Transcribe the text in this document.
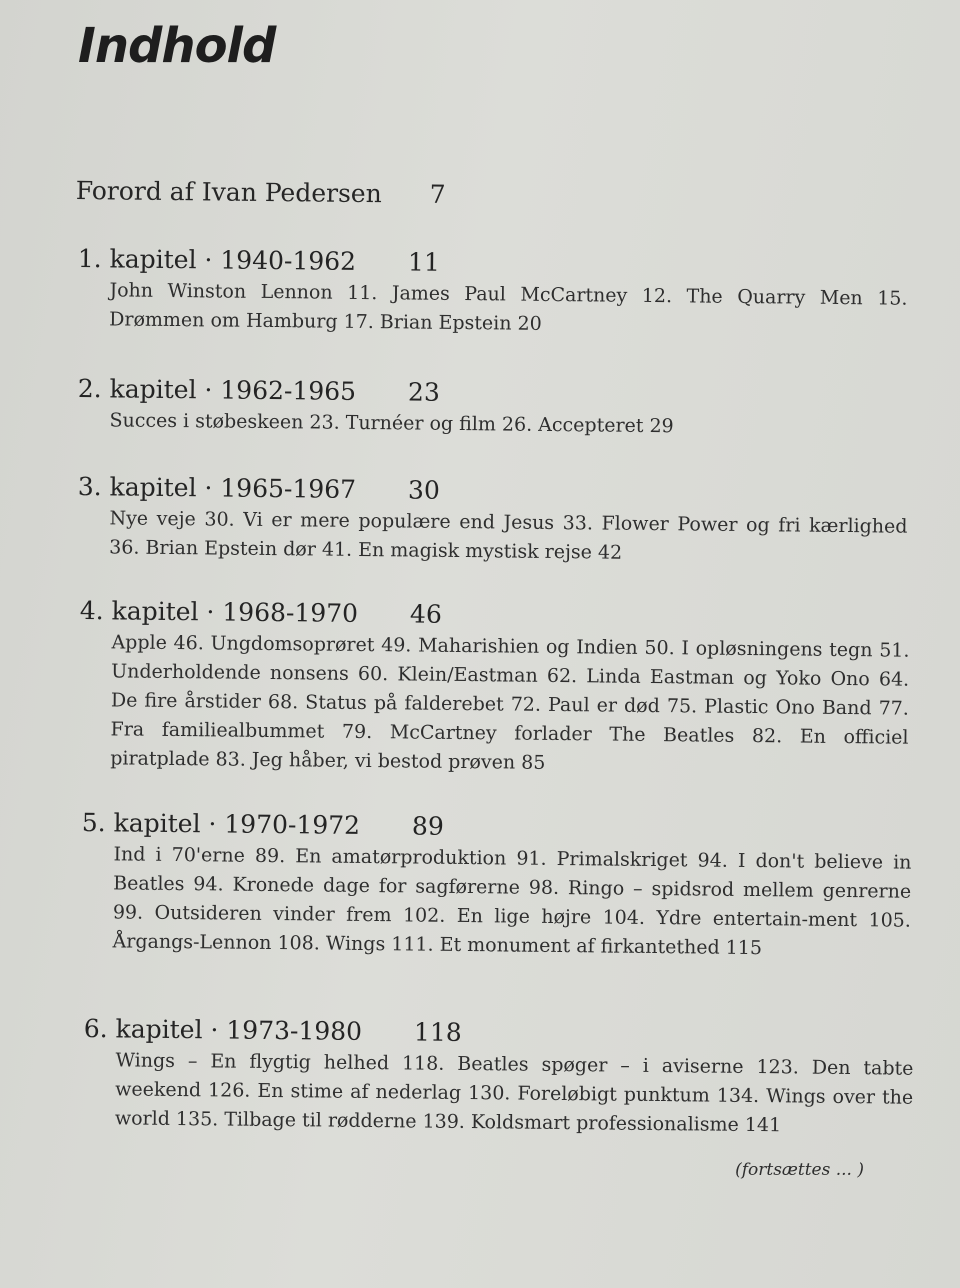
Indhold
Forord af Ivan Pedersen 7
1. kapitel · 1940-1962 11
John Winston Lennon 11. James Paul McCartney 12. The Quarry Men 15. Drømmen om Hamburg 17. Brian Epstein 20
2. kapitel · 1962-1965 23
Succes i støbeskeen 23. Turnéer og film 26. Accepteret 29
3. kapitel · 1965-1967 30
Nye veje 30. Vi er mere populære end Jesus 33. Flower Power og fri kærlighed 36. Brian Epstein dør 41. En magisk mystisk rejse 42
4. kapitel · 1968-1970 46
Apple 46. Ungdomsoprøret 49. Maharishien og Indien 50. I opløsningens tegn 51. Underholdende nonsens 60. Klein/Eastman 62. Linda Eastman og Yoko Ono 64. De fire årstider 68. Status på falderebet 72. Paul er død 75. Plastic Ono Band 77. Fra familiealbummet 79. McCartney forlader The Beatles 82. En officiel piratplade 83. Jeg håber, vi bestod prøven 85
5. kapitel · 1970-1972 89
Ind i 70'erne 89. En amatørproduktion 91. Primalskriget 94. I don't believe in Beatles 94. Kronede dage for sagførerne 98. Ringo – spidsrod mellem genrerne 99. Outsideren vinder frem 102. En lige højre 104. Ydre entertain-ment 105. Årgangs-Lennon 108. Wings 111. Et monument af firkantethed 115
6. kapitel · 1973-1980 118
Wings – En flygtig helhed 118. Beatles spøger – i aviserne 123. Den tabte weekend 126. En stime af nederlag 130. Foreløbigt punktum 134. Wings over the world 135. Tilbage til rødderne 139. Koldsmart professionalisme 141
(fortsættes ... )
